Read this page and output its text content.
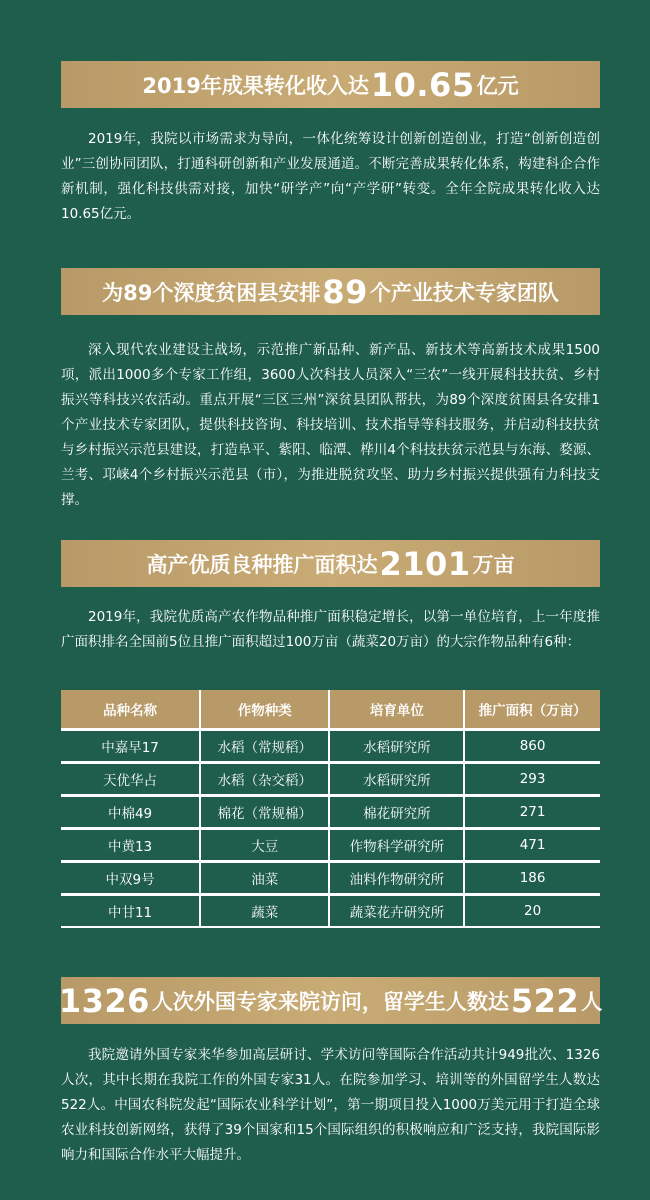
2019年成果转化收入达 10.65 亿元

2019年，我院以市场需求为导向，一体化统筹设计创新创造创业，打造“创新创造创业”三创协同团队，打通科研创新和产业发展通道。不断完善成果转化体系，构建科企合作新机制，强化科技供需对接，加快“研学产”向“产学研”转变。全年全院成果转化收入达10.65亿元。

为89个深度贫困县安排 89 个产业技术专家团队

深入现代农业建设主战场，示范推广新品种、新产品、新技术等高新技术成果1500项，派出1000多个专家工作组，3600人次科技人员深入“三农”一线开展科技扶贫、乡村振兴等科技兴农活动。重点开展“三区三州”深贫县团队帮扶，为89个深度贫困县各安排1个产业技术专家团队，提供科技咨询、科技培训、技术指导等科技服务，并启动科技扶贫与乡村振兴示范县建设，打造阜平、紫阳、临潭、桦川4个科技扶贫示范县与东海、婺源、兰考、邛崃4个乡村振兴示范县（市），为推进脱贫攻坚、助力乡村振兴提供强有力科技支撑。

高产优质良种推广面积达 2101 万亩

2019年，我院优质高产农作物品种推广面积稳定增长，以第一单位培育，上一年度推广面积排名全国前5位且推广面积超过100万亩（蔬菜20万亩）的大宗作物品种有6种：

品种名称	作物种类	培育单位	推广面积（万亩）
中嘉早17	水稻（常规稻）	水稻研究所	860
天优华占	水稻（杂交稻）	水稻研究所	293
中棉49	棉花（常规棉）	棉花研究所	271
中黄13	大豆	作物科学研究所	471
中双9号	油菜	油料作物研究所	186
中甘11	蔬菜	蔬菜花卉研究所	20
1326 人次外国专家来院访问，留学生人数达 522 人

我院邀请外国专家来华参加高层研讨、学术访问等国际合作活动共计949批次、1326人次，其中长期在我院工作的外国专家31人。在院参加学习、培训等的外国留学生人数达522人。中国农科院发起“国际农业科学计划”，第一期项目投入1000万美元用于打造全球农业科技创新网络，获得了39个国家和15个国际组织的积极响应和广泛支持，我院国际影响力和国际合作水平大幅提升。
